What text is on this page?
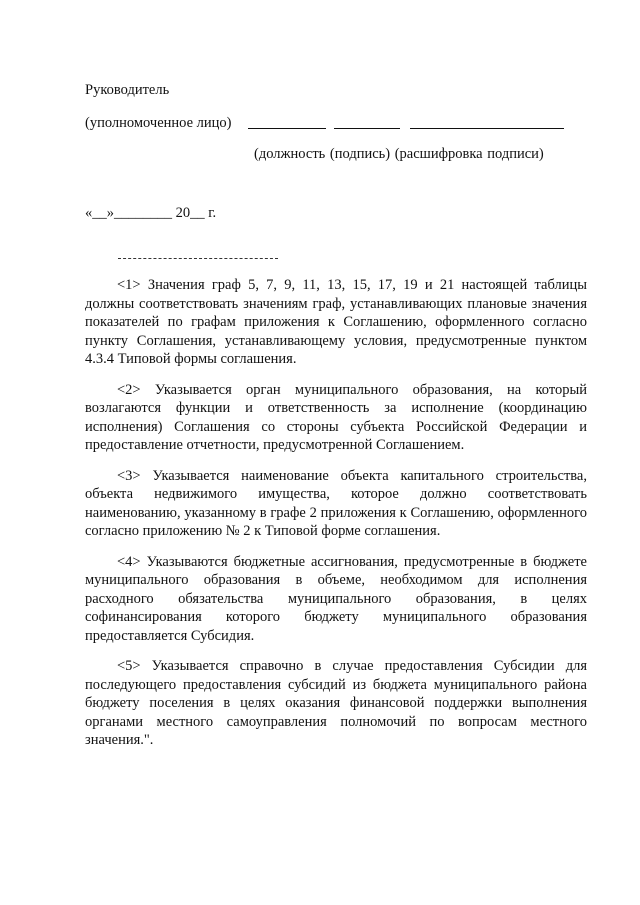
Руководитель
(уполномоченное лицо)
(должность (подпись) (расшифровка подписи)
«__»________ 20__ г.

<1> Значения граф 5, 7, 9, 11, 13, 15, 17, 19 и 21 настоящей таблицы должны соответствовать значениям граф, устанавливающих плановые значения показателей по графам приложения к Соглашению, оформленного согласно пункту Соглашения, устанавливающему условия, предусмотренные пунктом 4.3.4 Типовой формы соглашения.

<2> Указывается орган муниципального образования, на который возлагаются функции и ответственность за исполнение (координацию исполнения) Соглашения со стороны субъекта Российской Федерации и предоставление отчетности, предусмотренной Соглашением.

<3> Указывается наименование объекта капитального строительства, объекта недвижимого имущества, которое должно соответствовать наименованию, указанному в графе 2 приложения к Соглашению, оформленного согласно приложению № 2 к Типовой форме соглашения.

<4> Указываются бюджетные ассигнования, предусмотренные в бюджете муниципального образования в объеме, необходимом для исполнения расходного обязательства муниципального образования, в целях софинансирования которого бюджету муниципального образования предоставляется Субсидия.

<5> Указывается справочно в случае предоставления Субсидии для последующего предоставления субсидий из бюджета муниципального района бюджету поселения в целях оказания финансовой поддержки выполнения органами местного самоуправления полномочий по вопросам местного значения.".
